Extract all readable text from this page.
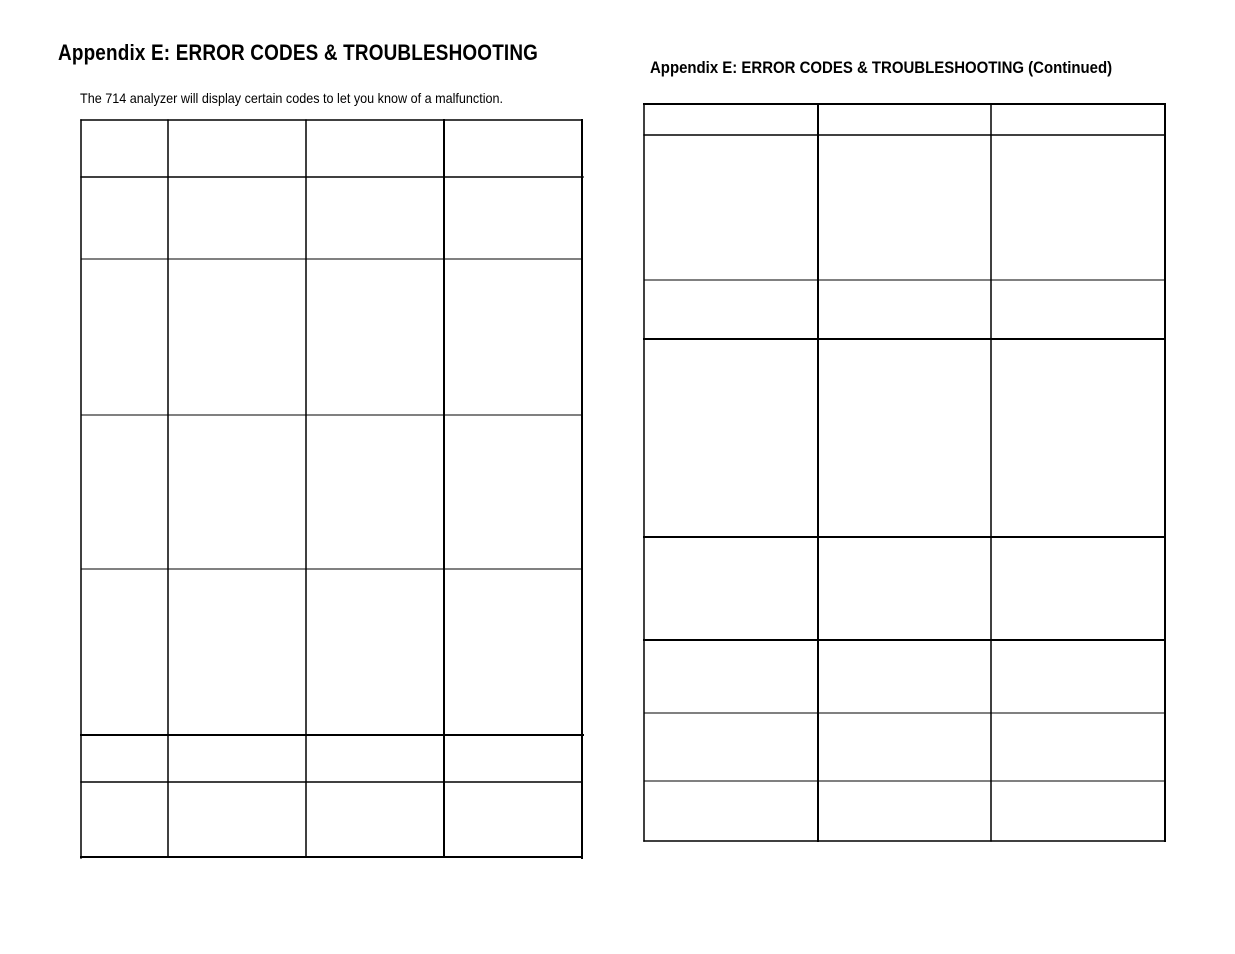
Appendix E: ERROR CODES & TROUBLESHOOTING
The 714 analyzer will display certain codes to let you know of a malfunction.
Appendix E: ERROR CODES & TROUBLESHOOTING (Continued)
